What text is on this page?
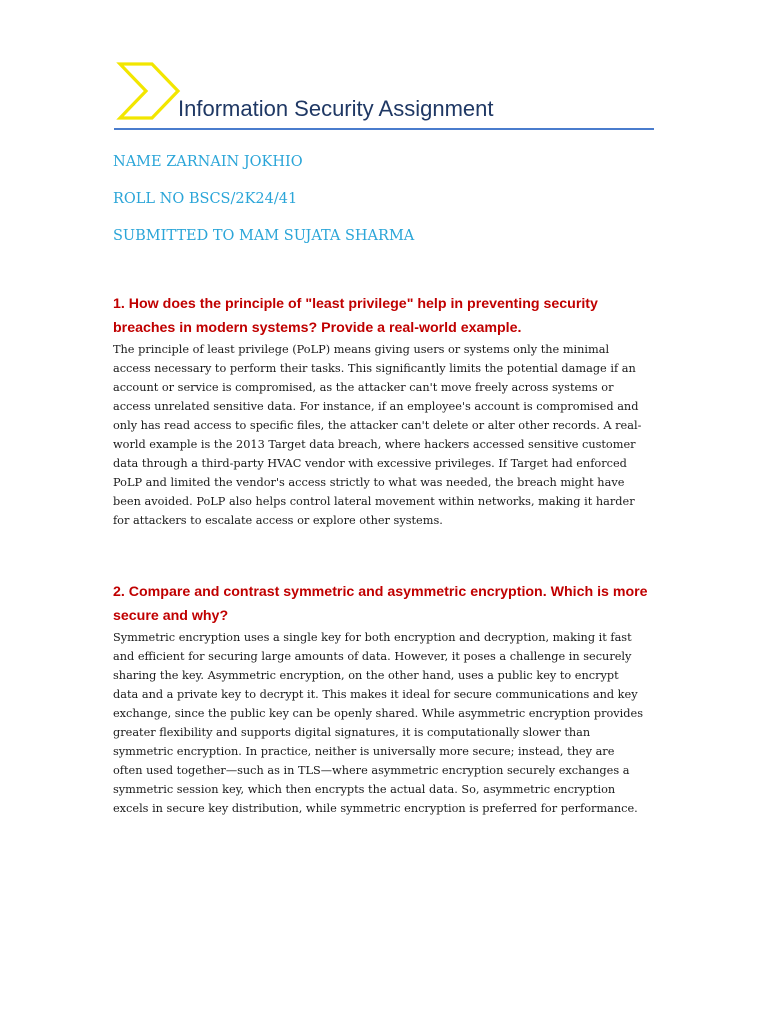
Information Security Assignment
NAME ZARNAIN JOKHIO
ROLL NO BSCS/2K24/41
SUBMITTED TO MAM SUJATA SHARMA
1. How does the principle of "least privilege" help in preventing security
breaches in modern systems? Provide a real-world example.
The principle of least privilege (PoLP) means giving users or systems only the minimal
access necessary to perform their tasks. This significantly limits the potential damage if an
account or service is compromised, as the attacker can't move freely across systems or
access unrelated sensitive data. For instance, if an employee's account is compromised and
only has read access to specific files, the attacker can't delete or alter other records. A real-
world example is the 2013 Target data breach, where hackers accessed sensitive customer
data through a third-party HVAC vendor with excessive privileges. If Target had enforced
PoLP and limited the vendor's access strictly to what was needed, the breach might have
been avoided. PoLP also helps control lateral movement within networks, making it harder
for attackers to escalate access or explore other systems.
2. Compare and contrast symmetric and asymmetric encryption. Which is more
secure and why?
Symmetric encryption uses a single key for both encryption and decryption, making it fast
and efficient for securing large amounts of data. However, it poses a challenge in securely
sharing the key. Asymmetric encryption, on the other hand, uses a public key to encrypt
data and a private key to decrypt it. This makes it ideal for secure communications and key
exchange, since the public key can be openly shared. While asymmetric encryption provides
greater flexibility and supports digital signatures, it is computationally slower than
symmetric encryption. In practice, neither is universally more secure; instead, they are
often used together—such as in TLS—where asymmetric encryption securely exchanges a
symmetric session key, which then encrypts the actual data. So, asymmetric encryption
excels in secure key distribution, while symmetric encryption is preferred for performance.
